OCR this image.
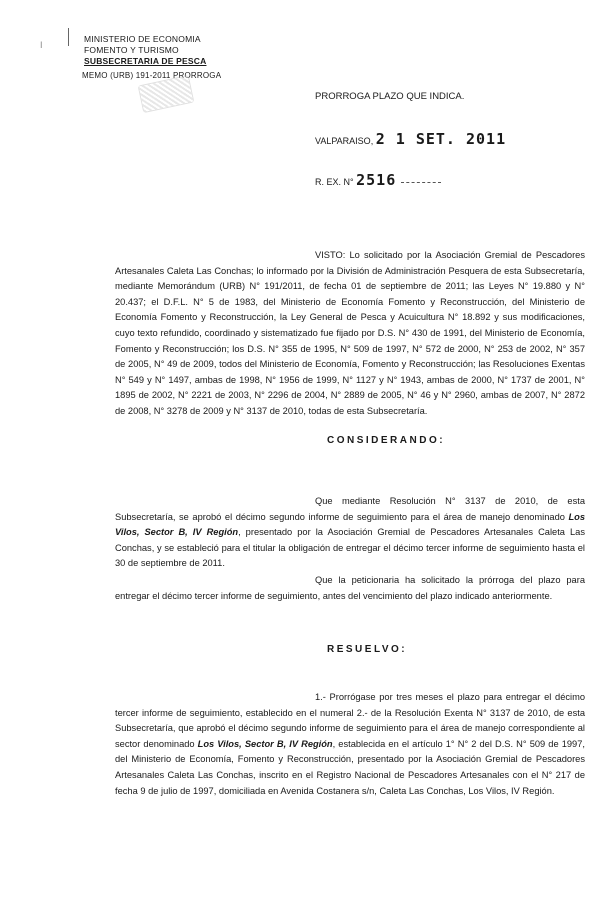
I
MINISTERIO DE ECONOMIA
FOMENTO Y TURISMO
SUBSECRETARIA DE PESCA
MEMO (URB) 191-2011 PRORROGA
PRORROGA PLAZO QUE INDICA.
VALPARAISO, 2 1 SET. 2011
R. EX. N° 2516
VISTO: Lo solicitado por la Asociación Gremial de Pescadores Artesanales Caleta Las Conchas; lo informado por la División de Administración Pesquera de esta Subsecretaría, mediante Memorándum (URB) N° 191/2011, de fecha 01 de septiembre de 2011; las Leyes N° 19.880 y N° 20.437; el D.F.L. N° 5 de 1983, del Ministerio de Economía Fomento y Reconstrucción, del Ministerio de Economía Fomento y Reconstrucción, la Ley General de Pesca y Acuicultura N° 18.892 y sus modificaciones, cuyo texto refundido, coordinado y sistematizado fue fijado por D.S. N° 430 de 1991, del Ministerio de Economía, Fomento y Reconstrucción; los D.S. N° 355 de 1995, N° 509 de 1997, N° 572 de 2000, N° 253 de 2002, N° 357 de 2005, N° 49 de 2009, todos del Ministerio de Economía, Fomento y Reconstrucción; las Resoluciones Exentas N° 549 y N° 1497, ambas de 1998, N° 1956 de 1999, N° 1127 y N° 1943, ambas de 2000, N° 1737 de 2001, N° 1895 de 2002, N° 2221 de 2003, N° 2296 de 2004, N° 2889 de 2005, N° 46 y N° 2960, ambas de 2007, N° 2872 de 2008, N° 3278 de 2009 y N° 3137 de 2010, todas de esta Subsecretaría.
CONSIDERANDO:
Que mediante Resolución N° 3137 de 2010, de esta Subsecretaría, se aprobó el décimo segundo informe de seguimiento para el área de manejo denominado Los Vilos, Sector B, IV Región, presentado por la Asociación Gremial de Pescadores Artesanales Caleta Las Conchas, y se estableció para el titular la obligación de entregar el décimo tercer informe de seguimiento hasta el 30 de septiembre de 2011.
Que la peticionaria ha solicitado la prórroga del plazo para entregar el décimo tercer informe de seguimiento, antes del vencimiento del plazo indicado anteriormente.
RESUELVO:
1.- Prorrógase por tres meses el plazo para entregar el décimo tercer informe de seguimiento, establecido en el numeral 2.- de la Resolución Exenta N° 3137 de 2010, de esta Subsecretaría, que aprobó el décimo segundo informe de seguimiento para el área de manejo correspondiente al sector denominado Los Vilos, Sector B, IV Región, establecida en el artículo 1° N° 2 del D.S. N° 509 de 1997, del Ministerio de Economía, Fomento y Reconstrucción, presentado por la Asociación Gremial de Pescadores Artesanales Caleta Las Conchas, inscrito en el Registro Nacional de Pescadores Artesanales con el N° 217 de fecha 9 de julio de 1997, domiciliada en Avenida Costanera s/n, Caleta Las Conchas, Los Vilos, IV Región.
